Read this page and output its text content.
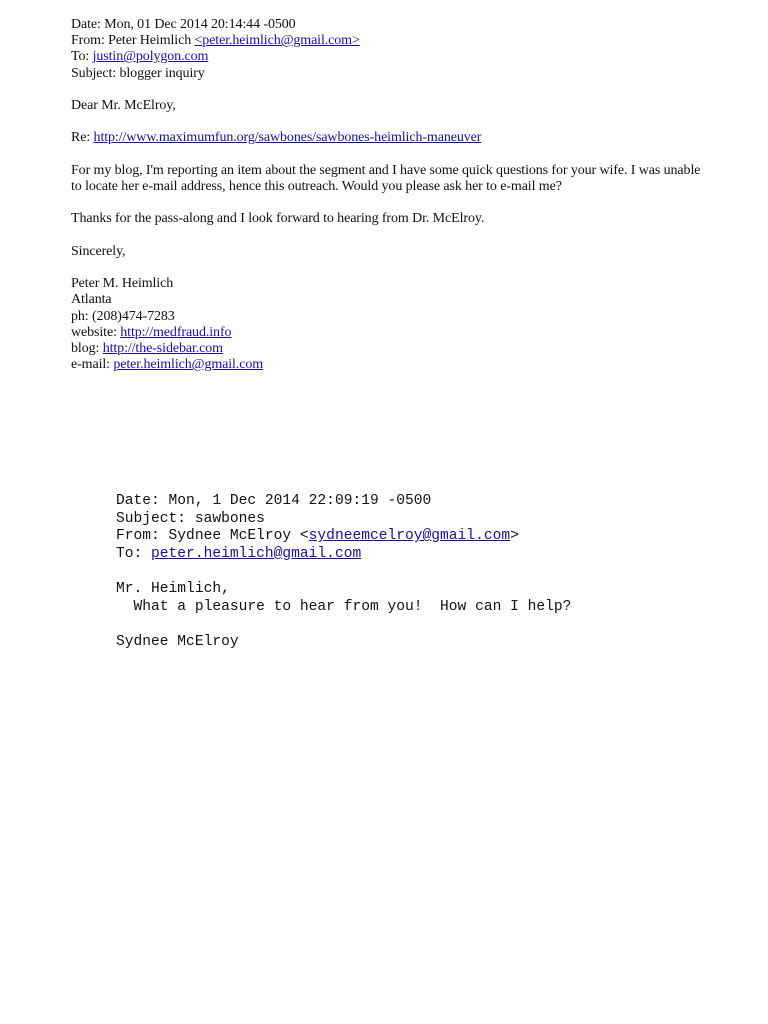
Date: Mon, 01 Dec 2014 20:14:44 -0500
From: Peter Heimlich <peter.heimlich@gmail.com>
To: justin@polygon.com
Subject: blogger inquiry
Dear Mr. McElroy,
Re: http://www.maximumfun.org/sawbones/sawbones-heimlich-maneuver
For my blog, I'm reporting an item about the segment and I have some quick questions for your wife. I was unable to locate her e-mail address, hence this outreach. Would you please ask her to e-mail me?
Thanks for the pass-along and I look forward to hearing from Dr. McElroy.
Sincerely,
Peter M. Heimlich
Atlanta
ph: (208)474-7283
website: http://medfraud.info
blog: http://the-sidebar.com
e-mail: peter.heimlich@gmail.com
Date: Mon, 1 Dec 2014 22:09:19 -0500
Subject: sawbones
From: Sydnee McElroy <sydneemcelroy@gmail.com>
To: peter.heimlich@gmail.com
Mr. Heimlich,
What a pleasure to hear from you!  How can I help?
Sydnee McElroy
